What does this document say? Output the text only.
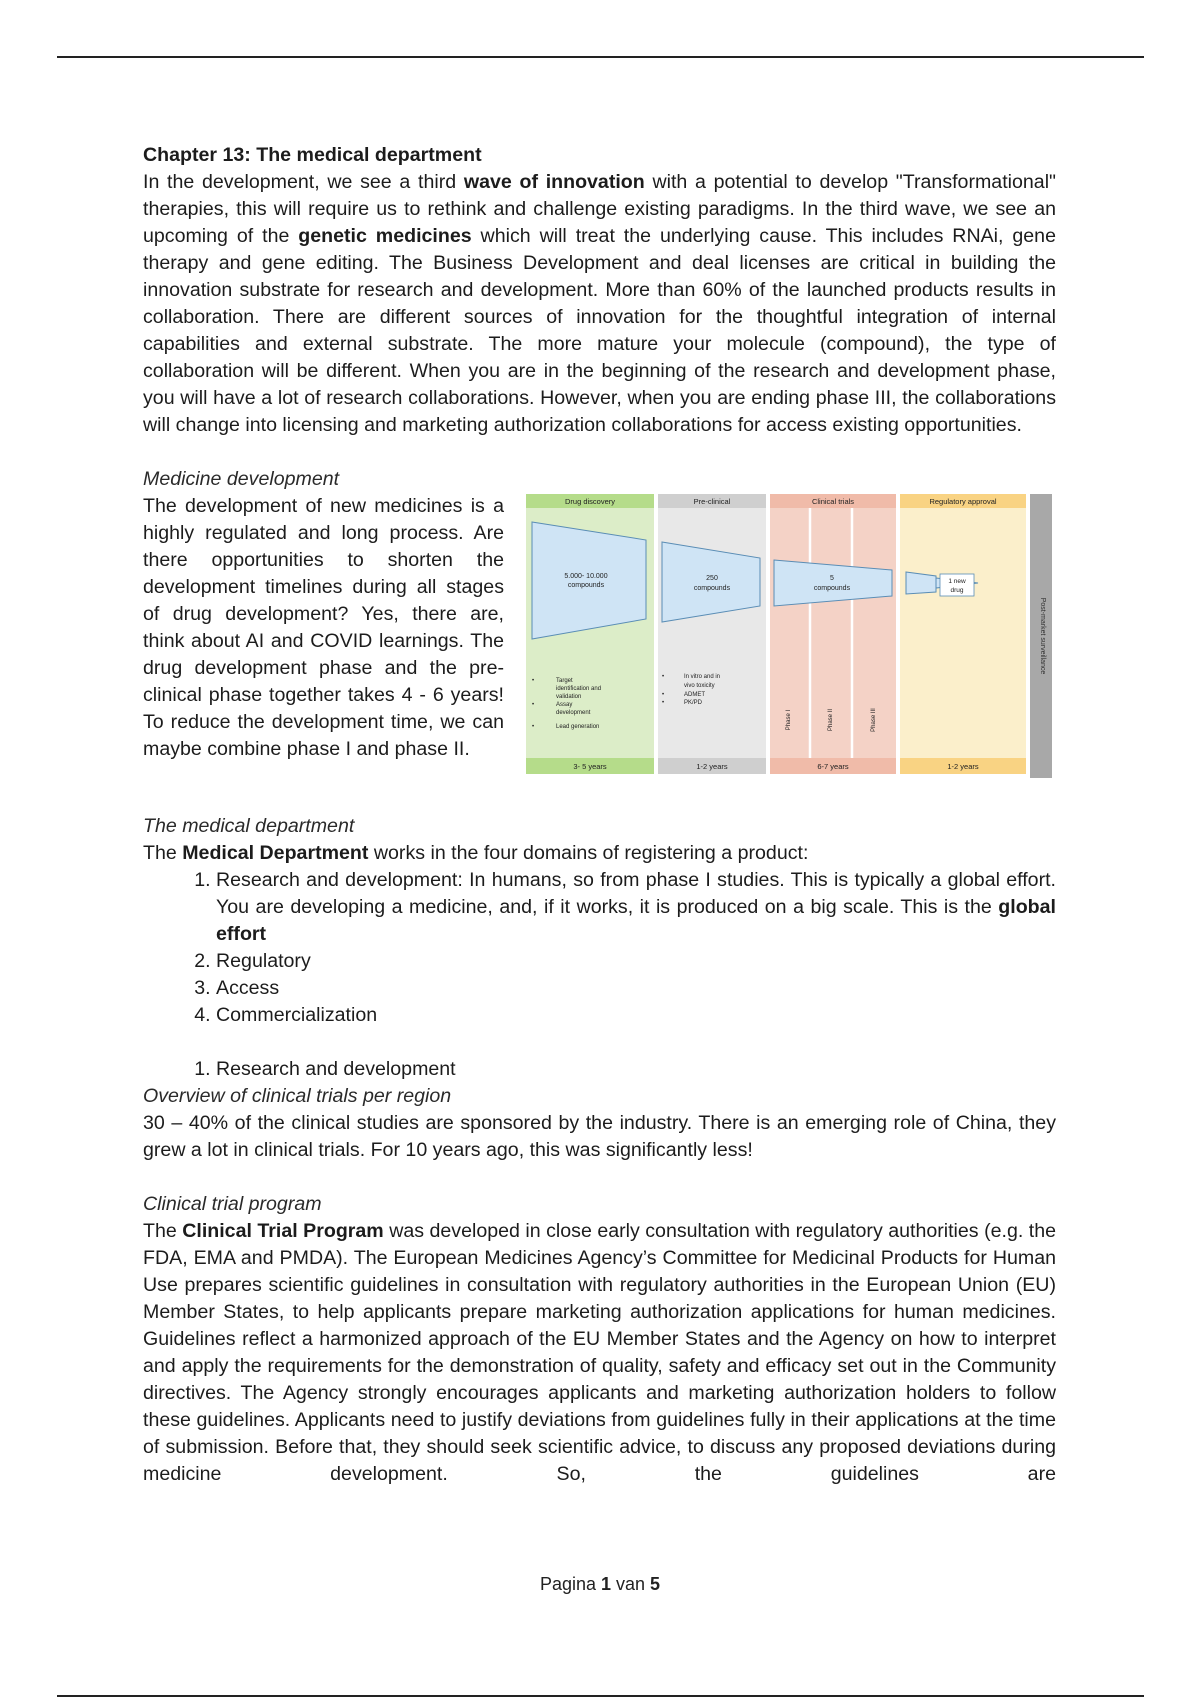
Chapter 13: The medical department

In the development, we see a third wave of innovation with a potential to develop "Transformational" therapies, this will require us to rethink and challenge existing paradigms. In the third wave, we see an upcoming of the genetic medicines which will treat the underlying cause. This includes RNAi, gene therapy and gene editing. The Business Development and deal licenses are critical in building the innovation substrate for research and development. More than 60% of the launched products results in collaboration. There are different sources of innovation for the thoughtful integration of internal capabilities and external substrate. The more mature your molecule (compound), the type of collaboration will be different. When you are in the beginning of the research and development phase, you will have a lot of research collaborations. However, when you are ending phase III, the collaborations will change into licensing and marketing authorization collaborations for access existing opportunities.

Medicine development

The development of new medicines is a highly regulated and long process. Are there opportunities to shorten the development timelines during all stages of drug development? Yes, there are, think about AI and COVID learnings. The drug development phase and the pre-clinical phase together takes 4 - 6 years! To reduce the development time, we can maybe combine phase I and phase II.

Post-market surveillance
Drug discovery	Pre-clinical	Clinical trials	Regulatory approval
5.000- 10.000
compounds
250
compounds
5
compounds
1 new
drug
•
•
•
Target
identification and
validation
Assay
development
Lead generation
•
•
•
In vitro and in
vivo toxicity
ADMET
PK/PD
Phase I	Phase II	Phase III
3- 5 years	1-2 years	6-7 years	1-2 years

The medical department

The Medical Department works in the four domains of registering a product:

1. Research and development: In humans, so from phase I studies. This is typically a global effort. You are developing a medicine, and, if it works, it is produced on a big scale. This is the global effort
2. Regulatory
3. Access
4. Commercialization
1. Research and development

Overview of clinical trials per region

30 – 40% of the clinical studies are sponsored by the industry. There is an emerging role of China, they grew a lot in clinical trials. For 10 years ago, this was significantly less!

Clinical trial program

The Clinical Trial Program was developed in close early consultation with regulatory authorities (e.g. the FDA, EMA and PMDA). The European Medicines Agency’s Committee for Medicinal Products for Human Use prepares scientific guidelines in consultation with regulatory authorities in the European Union (EU) Member States, to help applicants prepare marketing authorization applications for human medicines. Guidelines reflect a harmonized approach of the EU Member States and the Agency on how to interpret and apply the requirements for the demonstration of quality, safety and efficacy set out in the Community directives. The Agency strongly encourages applicants and marketing authorization holders to follow these guidelines. Applicants need to justify deviations from guidelines fully in their applications at the time of submission. Before that, they should seek scientific advice, to discuss any proposed deviations during medicine development. So, the guidelines are

Pagina 1 van 5
